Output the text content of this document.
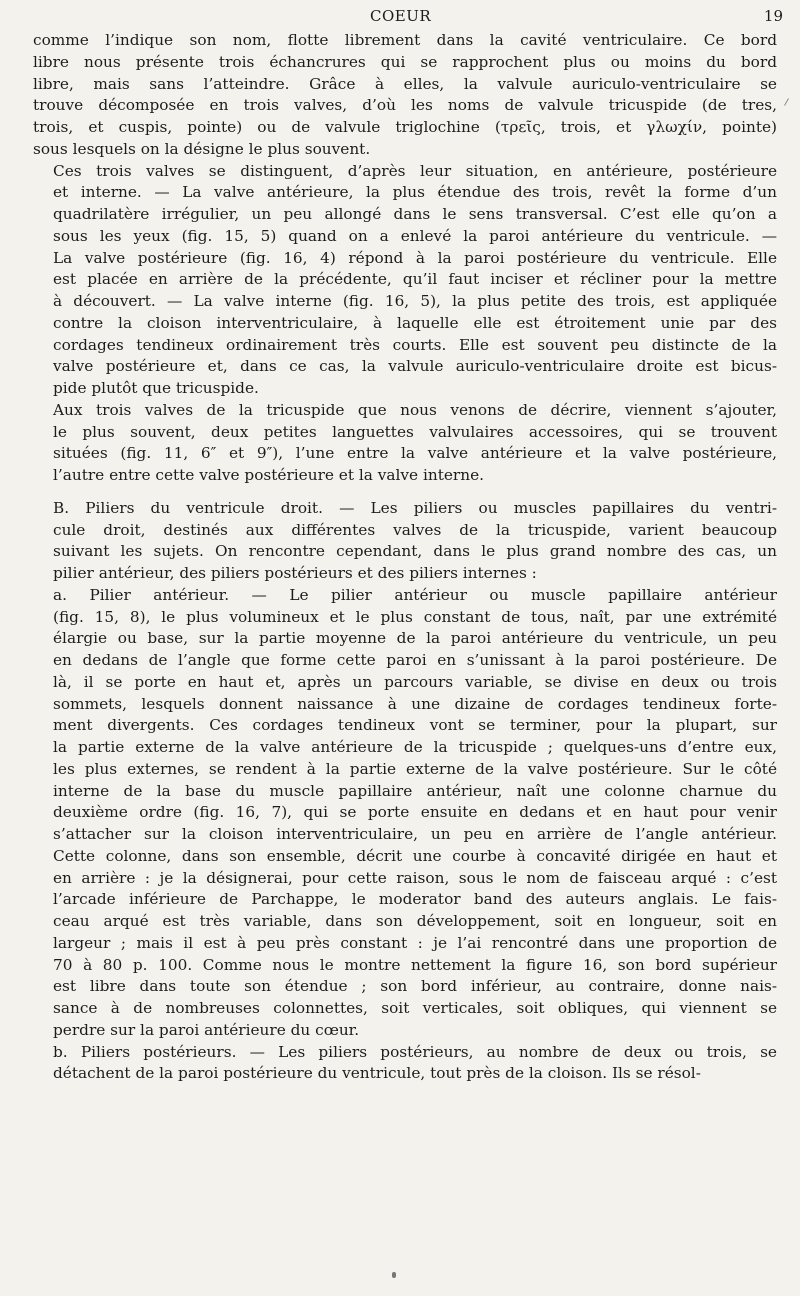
COEUR	19
comme l’indique son nom, flotte librement dans la cavité ventriculaire. Ce bord
libre nous présente trois échancrures qui se rapprochent plus ou moins du bord
libre, mais sans l’atteindre. Grâce à elles, la valvule auriculo-ventriculaire se
trouve décomposée en trois valves, d’où les noms de valvule tricuspide (de tres,
trois, et cuspis, pointe) ou de valvule triglochine (τρεῖς, trois, et γλωχίν, pointe)
sous lesquels on la désigne le plus souvent.
Ces trois valves se distinguent, d’après leur situation, en antérieure, postérieure
et interne. — La valve antérieure, la plus étendue des trois, revêt la forme d’un
quadrilatère irrégulier, un peu allongé dans le sens transversal. C’est elle qu’on a
sous les yeux (fig. 15, 5) quand on a enlevé la paroi antérieure du ventricule. —
La valve postérieure (fig. 16, 4) répond à la paroi postérieure du ventricule. Elle
est placée en arrière de la précédente, qu’il faut inciser et récliner pour la mettre
à découvert. — La valve interne (fig. 16, 5), la plus petite des trois, est appliquée
contre la cloison interventriculaire, à laquelle elle est étroitement unie par des
cordages tendineux ordinairement très courts. Elle est souvent peu distincte de la
valve postérieure et, dans ce cas, la valvule auriculo-ventriculaire droite est bicus-
pide plutôt que tricuspide.
Aux trois valves de la tricuspide que nous venons de décrire, viennent s’ajouter,
le plus souvent, deux petites languettes valvulaires accessoires, qui se trouvent
situées (fig. 11, 6″ et 9″), l’une entre la valve antérieure et la valve postérieure,
l’autre entre cette valve postérieure et la valve interne.
B. Piliers du ventricule droit. — Les piliers ou muscles papillaires du ventri-
cule droit, destinés aux différentes valves de la tricuspide, varient beaucoup
suivant les sujets. On rencontre cependant, dans le plus grand nombre des cas, un
pilier antérieur, des piliers postérieurs et des piliers internes :
a. Pilier antérieur. — Le pilier antérieur ou muscle papillaire antérieur
(fig. 15, 8), le plus volumineux et le plus constant de tous, naît, par une extrémité
élargie ou base, sur la partie moyenne de la paroi antérieure du ventricule, un peu
en dedans de l’angle que forme cette paroi en s’unissant à la paroi postérieure. De
là, il se porte en haut et, après un parcours variable, se divise en deux ou trois
sommets, lesquels donnent naissance à une dizaine de cordages tendineux forte-
ment divergents. Ces cordages tendineux vont se terminer, pour la plupart, sur
la partie externe de la valve antérieure de la tricuspide ; quelques-uns d’entre eux,
les plus externes, se rendent à la partie externe de la valve postérieure. Sur le côté
interne de la base du muscle papillaire antérieur, naît une colonne charnue du
deuxième ordre (fig. 16, 7), qui se porte ensuite en dedans et en haut pour venir
s’attacher sur la cloison interventriculaire, un peu en arrière de l’angle antérieur.
Cette colonne, dans son ensemble, décrit une courbe à concavité dirigée en haut et
en arrière : je la désignerai, pour cette raison, sous le nom de faisceau arqué : c’est
l’arcade inférieure de Parchappe, le moderator band des auteurs anglais. Le fais-
ceau arqué est très variable, dans son développement, soit en longueur, soit en
largeur ; mais il est à peu près constant : je l’ai rencontré dans une proportion de
70 à 80 p. 100. Comme nous le montre nettement la figure 16, son bord supérieur
est libre dans toute son étendue ; son bord inférieur, au contraire, donne nais-
sance à de nombreuses colonnettes, soit verticales, soit obliques, qui viennent se
perdre sur la paroi antérieure du cœur.
b. Piliers postérieurs. — Les piliers postérieurs, au nombre de deux ou trois, se
détachent de la paroi postérieure du ventricule, tout près de la cloison. Ils se résol-
